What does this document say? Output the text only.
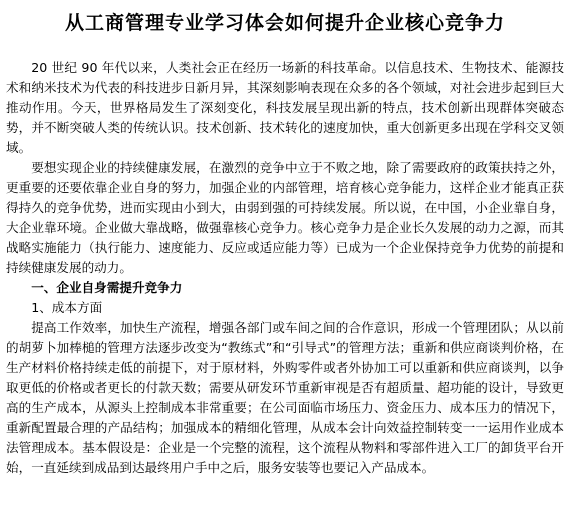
从工商管理专业学习体会如何提升企业核心竞争力

20 世纪 90 年代以来，人类社会正在经历一场新的科技革命。以信息技术、生物技术、能源技术和纳米技术为代表的科技进步日新月异，其深刻影响表现在众多的各个领域，对社会进步起到巨大推动作用。今天，世界格局发生了深刻变化，科技发展呈现出新的特点，技术创新出现群体突破态势，并不断突破人类的传统认识。技术创新、技术转化的速度加快，重大创新更多出现在学科交叉领域。

要想实现企业的持续健康发展，在激烈的竞争中立于不败之地，除了需要政府的政策扶持之外，更重要的还要依靠企业自身的努力，加强企业的内部管理，培育核心竞争能力，这样企业才能真正获得持久的竞争优势，进而实现由小到大，由弱到强的可持续发展。所以说，在中国，小企业靠自身，大企业靠环境。企业做大靠战略，做强靠核心竞争力。核心竞争力是企业长久发展的动力之源，而其战略实施能力（执行能力、速度能力、反应或适应能力等）已成为一个企业保持竞争力优势的前提和持续健康发展的动力。

一、企业自身需提升竞争力

1、成本方面

提高工作效率，加快生产流程，增强各部门或车间之间的合作意识，形成一个管理团队；从以前的胡萝卜加棒槌的管理方法逐步改变为“教练式”和“引导式”的管理方法；重新和供应商谈判价格，在生产材料价格持续走低的前提下，对于原材料，外购零件或者外协加工可以重新和供应商谈判，以争取更低的价格或者更长的付款天数；需要从研发环节重新审视是否有超质量、超功能的设计，导致更高的生产成本，从源头上控制成本非常重要；在公司面临市场压力、资金压力、成本压力的情况下，重新配置最合理的产品结构；加强成本的精细化管理，从成本会计向效益控制转变一一运用作业成本法管理成本。基本假设是：企业是一个完整的流程，这个流程从物料和零部件进入工厂的卸货平台开始，一直延续到成品到达最终用户手中之后，服务安装等也要记入产品成本。
